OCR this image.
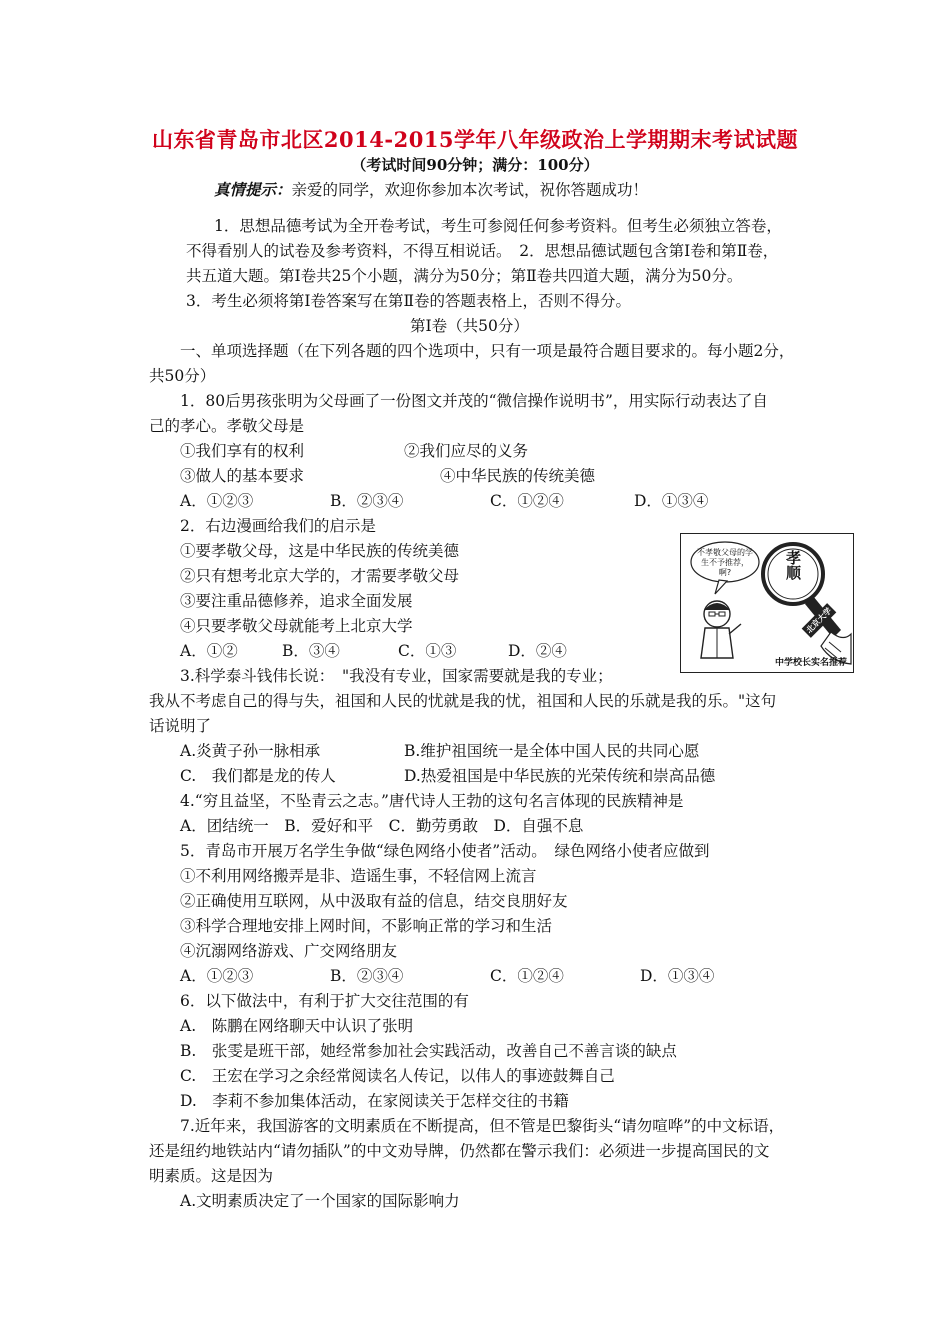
山东省青岛市北区2014-2015学年八年级政治上学期期末考试试题
（考试时间90分钟；满分：100分）
真情提示：亲爱的同学，欢迎你参加本次考试，祝你答题成功！
1．思想品德考试为全开卷考试，考生可参阅任何参考资料。但考生必须独立答卷，
不得看别人的试卷及参考资料，不得互相说话。　2．思想品德试题包含第Ⅰ卷和第Ⅱ卷，
共五道大题。第Ⅰ卷共25个小题，满分为50分；第Ⅱ卷共四道大题，满分为50分。
3．考生必须将第Ⅰ卷答案写在第Ⅱ卷的答题表格上，否则不得分。
第Ⅰ卷（共50分）
一、单项选择题（在下列各题的四个选项中，只有一项是最符合题目要求的。每小题2分，
共50分）
1．80后男孩张明为父母画了一份图文并茂的“微信操作说明书”，用实际行动表达了自
己的孝心。孝敬父母是
①我们享有的权利	②我们应尽的义务
③做人的基本要求	④中华民族的传统美德
A．①②③	B．②③④	C．①②④	D．①③④
2．右边漫画给我们的启示是
①要孝敬父母，这是中华民族的传统美德
②只有想考北京大学的，才需要孝敬父母
③要注重品德修养，追求全面发展
④只要孝敬父母就能考上北京大学
A．①②	B．③④	C．①③	D．②④
不孝敬父母的学生不予推荐，啊?	孝顺
北京大学
中学校长实名推荐
3.科学泰斗钱伟长说：　"我没有专业，国家需要就是我的专业；
我从不考虑自己的得与失，祖国和人民的忧就是我的忧，祖国和人民的乐就是我的乐。"这句
话说明了
A.炎黄子孙一脉相承	B.维护祖国统一是全体中国人民的共同心愿
C.　我们都是龙的传人	D.热爱祖国是中华民族的光荣传统和崇高品德
4.“穷且益坚，不坠青云之志。”唐代诗人王勃的这句名言体现的民族精神是
A．团结统一　B．爱好和平　C．勤劳勇敢　D．自强不息
5．青岛市开展万名学生争做“绿色网络小使者”活动。　绿色网络小使者应做到
①不利用网络搬弄是非、造谣生事，不轻信网上流言
②正确使用互联网，从中汲取有益的信息，结交良朋好友
③科学合理地安排上网时间，不影响正常的学习和生活
④沉溺网络游戏、广交网络朋友
A．①②③	B．②③④	C．①②④	D．①③④
6．以下做法中，有利于扩大交往范围的有
A.　陈鹏在网络聊天中认识了张明
B.　张雯是班干部，她经常参加社会实践活动，改善自己不善言谈的缺点
C.　王宏在学习之余经常阅读名人传记，以伟人的事迹鼓舞自己
D.　李莉不参加集体活动，在家阅读关于怎样交往的书籍
7.近年来，我国游客的文明素质在不断提高，但不管是巴黎街头“请勿喧哗”的中文标语，
还是纽约地铁站内“请勿插队”的中文劝导牌，仍然都在警示我们：必须进一步提高国民的文
明素质。这是因为
A.文明素质决定了一个国家的国际影响力
